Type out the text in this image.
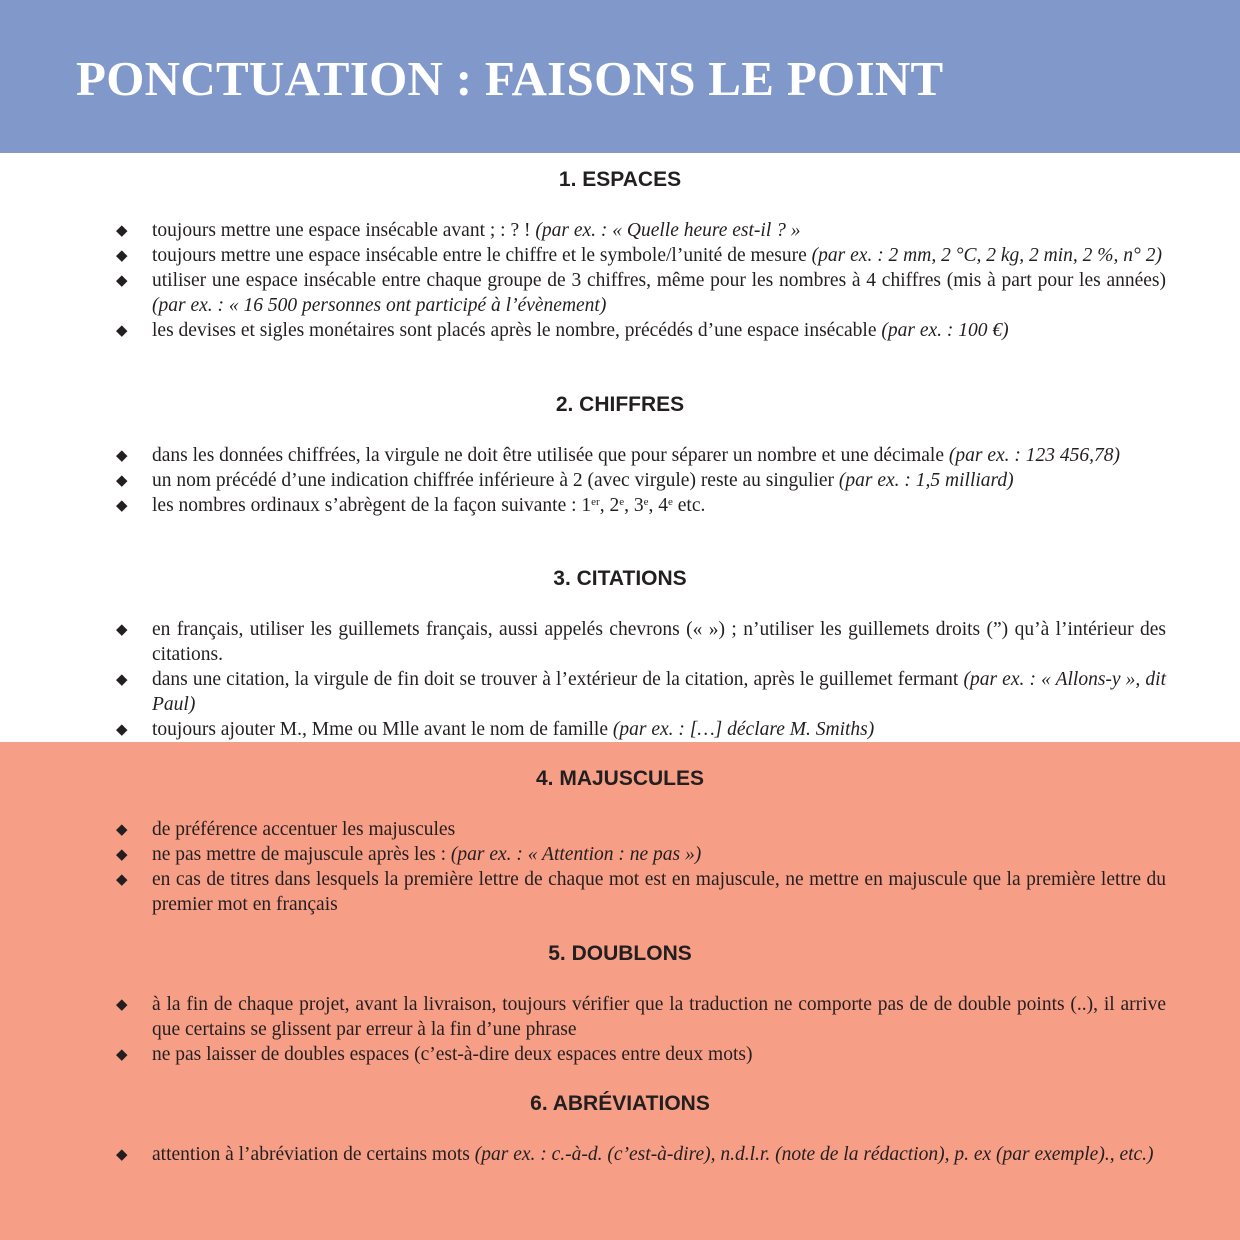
PONCTUATION : FAISONS LE POINT
1. ESPACES
◆ toujours mettre une espace insécable avant ; : ? ! (par ex. : « Quelle heure est-il ? »
◆ toujours mettre une espace insécable entre le chiffre et le symbole/l’unité de mesure (par ex. : 2 mm, 2 °C, 2 kg, 2 min, 2 %, n° 2)
◆ utiliser une espace insécable entre chaque groupe de 3 chiffres, même pour les nombres à 4 chiffres (mis à part pour les années) (par ex. : « 16 500 personnes ont participé à l’évènement)
◆ les devises et sigles monétaires sont placés après le nombre, précédés d’une espace insécable (par ex. : 100 €)
2. CHIFFRES
◆ dans les données chiffrées, la virgule ne doit être utilisée que pour séparer un nombre et une décimale (par ex. : 123 456,78)
◆ un nom précédé d’une indication chiffrée inférieure à 2 (avec virgule) reste au singulier (par ex. : 1,5 milliard)
◆ les nombres ordinaux s’abrègent de la façon suivante : 1er, 2e, 3e, 4e etc.
3. CITATIONS
◆ en français, utiliser les guillemets français, aussi appelés chevrons (« ») ; n’utiliser les guillemets droits (”) qu’à l’intérieur des citations.
◆ dans une citation, la virgule de fin doit se trouver à l’extérieur de la citation, après le guillemet fermant (par ex. : « Allons-y », dit Paul)
◆ toujours ajouter M., Mme ou Mlle avant le nom de famille (par ex. : […] déclare M. Smiths)
4. MAJUSCULES
◆ de préférence accentuer les majuscules
◆ ne pas mettre de majuscule après les : (par ex. : « Attention : ne pas »)
◆ en cas de titres dans lesquels la première lettre de chaque mot est en majuscule, ne mettre en majuscule que la première lettre du premier mot en français
5. DOUBLONS
◆ à la fin de chaque projet, avant la livraison, toujours vérifier que la traduction ne comporte pas de de double points (..), il arrive que certains se glissent par erreur à la fin d’une phrase
◆ ne pas laisser de doubles espaces (c’est-à-dire deux espaces entre deux mots)
6. ABRÉVIATIONS
◆ attention à l’abréviation de certains mots (par ex. : c.-à-d. (c’est-à-dire), n.d.l.r. (note de la rédaction), p. ex (par exemple)., etc.)
